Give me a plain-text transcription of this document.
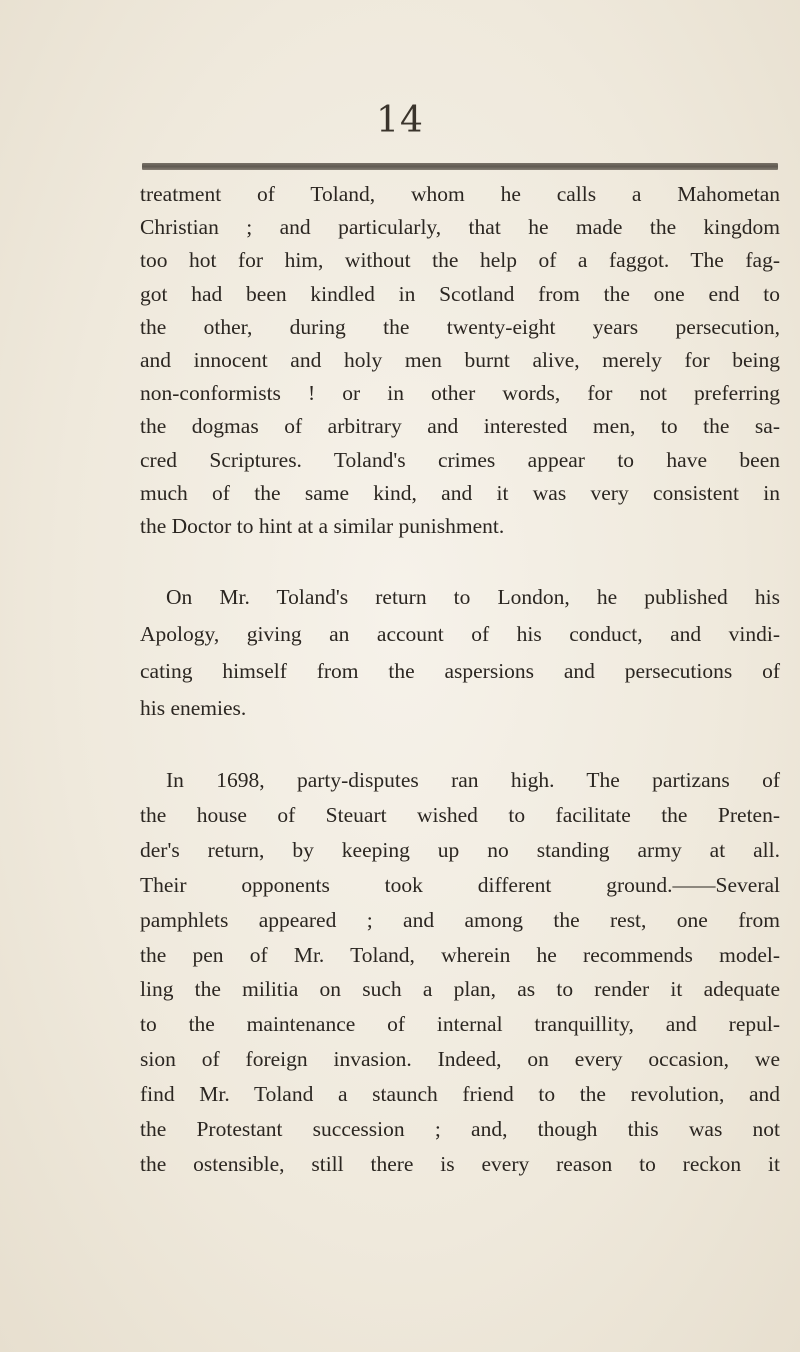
14
treatment of Toland, whom he calls a Mahometan
Christian ; and particularly, that he made the kingdom
too hot for him, without the help of a faggot. The fag-
got had been kindled in Scotland from the one end to
the other, during the twenty-eight years persecution,
and innocent and holy men burnt alive, merely for being
non-conformists ! or in other words, for not preferring
the dogmas of arbitrary and interested men, to the sa-
cred Scriptures. Toland's crimes appear to have been
much of the same kind, and it was very consistent in
the Doctor to hint at a similar punishment.
On Mr. Toland's return to London, he published his
Apology, giving an account of his conduct, and vindi-
cating himself from the aspersions and persecutions of
his enemies.
In 1698, party-disputes ran high. The partizans of
the house of Steuart wished to facilitate the Preten-
der's return, by keeping up no standing army at all.
Their opponents took different ground.——Several
pamphlets appeared ; and among the rest, one from
the pen of Mr. Toland, wherein he recommends model-
ling the militia on such a plan, as to render it adequate
to the maintenance of internal tranquillity, and repul-
sion of foreign invasion. Indeed, on every occasion, we
find Mr. Toland a staunch friend to the revolution, and
the Protestant succession ; and, though this was not
the ostensible, still there is every reason to reckon it
